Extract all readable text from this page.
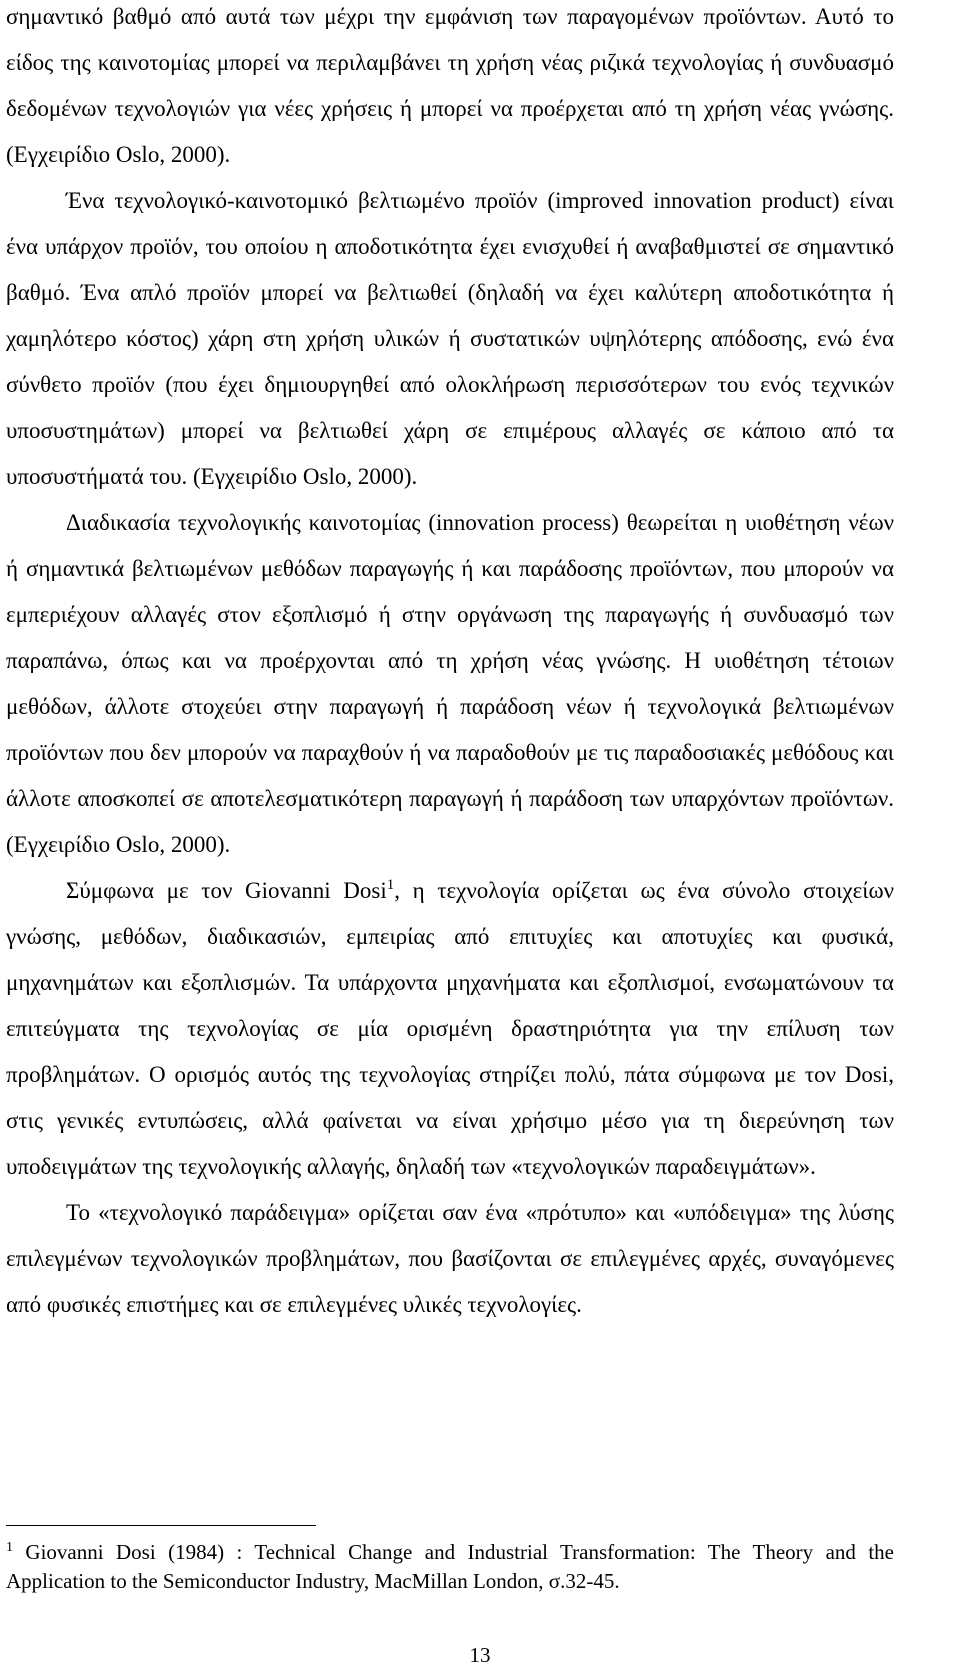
σημαντικό βαθμό από αυτά των μέχρι την εμφάνιση των παραγομένων προϊόντων. Αυτό το είδος της καινοτομίας μπορεί να περιλαμβάνει τη χρήση νέας ριζικά τεχνολογίας ή συνδυασμό δεδομένων τεχνολογιών για νέες χρήσεις ή μπορεί να προέρχεται από τη χρήση νέας γνώσης. (Εγχειρίδιο Oslo, 2000).

Ένα τεχνολογικό-καινοτομικό βελτιωμένο προϊόν (improved innovation product) είναι ένα υπάρχον προϊόν, του οποίου η αποδοτικότητα έχει ενισχυθεί ή αναβαθμιστεί σε σημαντικό βαθμό. Ένα απλό προϊόν μπορεί να βελτιωθεί (δηλαδή να έχει καλύτερη αποδοτικότητα ή χαμηλότερο κόστος) χάρη στη χρήση υλικών ή συστατικών υψηλότερης απόδοσης, ενώ ένα σύνθετο προϊόν (που έχει δημιουργηθεί από ολοκλήρωση περισσότερων του ενός τεχνικών υποσυστημάτων) μπορεί να βελτιωθεί χάρη σε επιμέρους αλλαγές σε κάποιο από τα υποσυστήματά του. (Εγχειρίδιο Oslo, 2000).

Διαδικασία τεχνολογικής καινοτομίας (innovation process) θεωρείται η υιοθέτηση νέων ή σημαντικά βελτιωμένων μεθόδων παραγωγής ή και παράδοσης προϊόντων, που μπορούν να εμπεριέχουν αλλαγές στον εξοπλισμό ή στην οργάνωση της παραγωγής ή συνδυασμό των παραπάνω, όπως και να προέρχονται από τη χρήση νέας γνώσης. Η υιοθέτηση τέτοιων μεθόδων, άλλοτε στοχεύει στην παραγωγή ή παράδοση νέων ή τεχνολογικά βελτιωμένων προϊόντων που δεν μπορούν να παραχθούν ή να παραδοθούν με τις παραδοσιακές μεθόδους και άλλοτε αποσκοπεί σε αποτελεσματικότερη παραγωγή ή παράδοση των υπαρχόντων προϊόντων. (Εγχειρίδιο Oslo, 2000).

Σύμφωνα με τον Giovanni Dosi$^1$, η τεχνολογία ορίζεται ως ένα σύνολο στοιχείων γνώσης, μεθόδων, διαδικασιών, εμπειρίας από επιτυχίες και αποτυχίες και φυσικά, μηχανημάτων και εξοπλισμών. Τα υπάρχοντα μηχανήματα και εξοπλισμοί, ενσωματώνουν τα επιτεύγματα της τεχνολογίας σε μία ορισμένη δραστηριότητα για την επίλυση των προβλημάτων. Ο ορισμός αυτός της τεχνολογίας στηρίζει πολύ, πάτα σύμφωνα με τον Dosi, στις γενικές εντυπώσεις, αλλά φαίνεται να είναι χρήσιμο μέσο για τη διερεύνηση των υποδειγμάτων της τεχνολογικής αλλαγής, δηλαδή των «τεχνολογικών παραδειγμάτων».

Το «τεχνολογικό παράδειγμα» ορίζεται σαν ένα «πρότυπο» και «υπόδειγμα» της λύσης επιλεγμένων τεχνολογικών προβλημάτων, που βασίζονται σε επιλεγμένες αρχές, συναγόμενες από φυσικές επιστήμες και σε επιλεγμένες υλικές τεχνολογίες.

$^1$ Giovanni Dosi (1984) : Technical Change and Industrial Transformation: The Theory and the Application to the Semiconductor Industry, MacMillan London, σ.32-45.

13
